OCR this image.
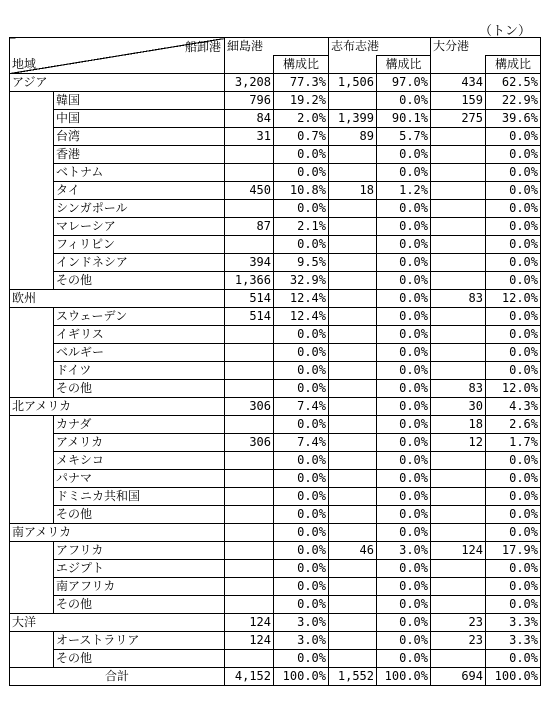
（トン）
船卸港
地域		細島港		志布志港		大分港	
			構成比		構成比		構成比
アジア		3,208	77.3%	1,506	97.0%	434	62.5%
	韓国	796	19.2%		0.0%	159	22.9%
	中国	84	2.0%	1,399	90.1%	275	39.6%
	台湾	31	0.7%	89	5.7%		0.0%
	香港		0.0%		0.0%		0.0%
	ベトナム		0.0%		0.0%		0.0%
	タイ	450	10.8%	18	1.2%		0.0%
	シンガポール		0.0%		0.0%		0.0%
	マレーシア	87	2.1%		0.0%		0.0%
	フィリピン		0.0%		0.0%		0.0%
	インドネシア	394	9.5%		0.0%		0.0%
	その他	1,366	32.9%		0.0%		0.0%
欧州		514	12.4%		0.0%	83	12.0%
	スウェーデン	514	12.4%		0.0%		0.0%
	イギリス		0.0%		0.0%		0.0%
	ベルギー		0.0%		0.0%		0.0%
	ドイツ		0.0%		0.0%		0.0%
	その他		0.0%		0.0%	83	12.0%
北アメリカ		306	7.4%		0.0%	30	4.3%
	カナダ		0.0%		0.0%	18	2.6%
	アメリカ	306	7.4%		0.0%	12	1.7%
	メキシコ		0.0%		0.0%		0.0%
	パナマ		0.0%		0.0%		0.0%
	ドミニカ共和国		0.0%		0.0%		0.0%
	その他		0.0%		0.0%		0.0%
南アメリカ			0.0%		0.0%		0.0%
	アフリカ		0.0%	46	3.0%	124	17.9%
	エジプト		0.0%		0.0%		0.0%
	南アフリカ		0.0%		0.0%		0.0%
	その他		0.0%		0.0%		0.0%
大洋		124	3.0%		0.0%	23	3.3%
	オーストラリア	124	3.0%		0.0%	23	3.3%
	その他		0.0%		0.0%		0.0%
合計		4,152	100.0%	1,552	100.0%	694	100.0%
